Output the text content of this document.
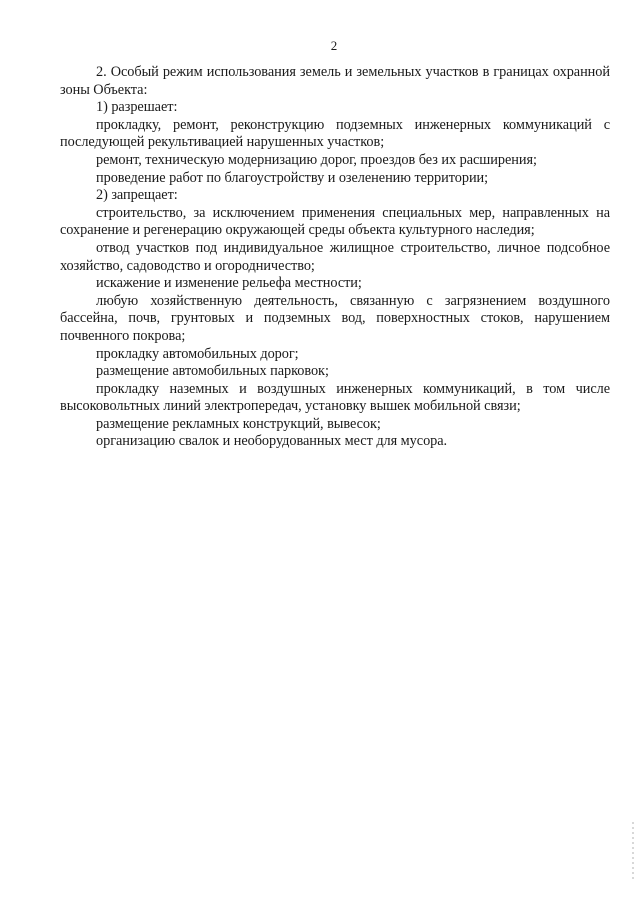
2

2. Особый режим использования земель и земельных участков в границах охранной зоны Объекта:

1) разрешает:

прокладку, ремонт, реконструкцию подземных инженерных коммуникаций с последующей рекультивацией нарушенных участков;

ремонт, техническую модернизацию дорог, проездов без их расширения;

проведение работ по благоустройству и озеленению территории;

2) запрещает:

строительство, за исключением применения специальных мер, направленных на сохранение и регенерацию окружающей среды объекта культурного наследия;

отвод участков под индивидуальное жилищное строительство, личное подсобное хозяйство, садоводство и огородничество;

искажение и изменение рельефа местности;

любую хозяйственную деятельность, связанную с загрязнением воздушного бассейна, почв, грунтовых и подземных вод, поверхностных стоков, нарушением почвенного покрова;

прокладку автомобильных дорог;

размещение автомобильных парковок;

прокладку наземных и воздушных инженерных коммуникаций, в том числе высоковольтных линий электропередач, установку вышек мобильной связи;

размещение рекламных конструкций, вывесок;

организацию свалок и необорудованных мест для мусора.
